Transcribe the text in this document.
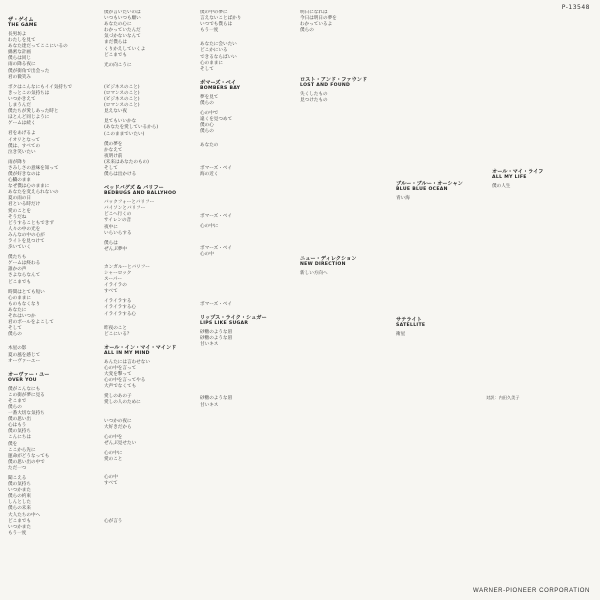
P-13548
ザ・ゲイム
THE GAME
長男坊よ
わたしを見て
あなた達だってここにいるの
綿密な計画
僕らは同じ
雨の降る夜に
僕が街角で出会った
君の微笑み
ボクはこんなにもイイ気持ちで
きっとこの気持ちは
いつかきえて
しまうんだ
僕たちが愛しあった時と
ほとんど同じように
ゲームは続く
君をあげるよ
イオリとなって
僕は、すべての
泣き笑いたい
雨が降り
さみしさの意味を知って
僕が好きなのは
心臓のまま
なぜ僕は心のままに
あなたを変えられないの
夏の雨の日
君といる時だけ
愛のことを
そうだね
どうすることもできず
人々の中の光を
みんなの中の心が
ライトを見つけて
歩いていく
僕たちも
ゲームは終わる
誰かの声
さよならなんて
どこまでも
時間はとても短い
心のままに
ものもなくなり
あなたに
それはいつか
君のボールをよこして
そして
僕らの
木星の影
夏の風を感じて
オーヴァーユー
オーヴァー・ユー
OVER YOU
僕がこんなにも
この街が夢に見る
そこまで
僕らの
一番大切な気持ち
僕の思い出
心はもう
僕の気持ち
こんにちは
僕を
ここから先に
運命がどうなっても
僕の思い出の中で
ただ一つ
聞こえる
僕の気持ち
いつかまた
僕らの約束
しんとした
僕らの未来
大人たちの中へ
どこまでも
いつかまた
もう一度
僕が言いたいのは
いつもいつも願い
あなたの心に
わかっていたんだ
気づかないなんて
まだ僕らは
くりかえしていくよ
どこまでも
光の向こうに
(ビジネスのこと)
(ロマンスのこと)
(ビジネスのこと)
(ロマンスのこと)
見えない夜
見てもいいかな
(あなたを愛しているから)
(このままでいたい)
僕の夢を
かなえて
夜明け前
(未来はあなたのもの)
そして
僕らは出かける
ベッドバグズ & バリフー
BEDBUGS AND BALLYHOO
バックフォーとバリフー
バイソンとバリフー
どこへ行くの
サイレンの音
夜中に
いらいらする
僕らは
ぜんぶ夢中
カンガルーとバリフー
シャーロック
スーパー
イライラの
すべて
イライラする
イライラする心
イライラする心
昨夜のこと
どこにいる？
オール・イン・マイ・マインド
ALL IN MY MIND
あんたには言わせない
心の中を言って
大変を撃って
心の中を言ってやる
大声でなくても
愛しのあの子
愛しの人のために
いつかの夜に
大好きだから
心の中を
ぜんぶ見せたい
心の中に
愛のこと
心の中
すべて
心が言う
僕の中の夢に
言えないことばかり
いつでも僕らは
もう一度
あなたに会いたい
どこかにいる
できるならばいい
心のままに
そして
ボマーズ・ベイ
BOMBERS BAY
夢を見て
僕らの
心の中で
遠くを見つめて
僕の心
僕らの
あなたの
ボマーズ・ベイ
海の近く
ボマーズ・ベイ
心の中に
ボマーズ・ベイ
心の中
ボマーズ・ベイ
リップス・ライク・シュガー
LIPS LIKE SUGAR
砂糖のような唇
砂糖のような唇
甘いキス
砂糖のような唇
甘いキス
明日になれば
今日は明日の夢を
わかっているよ
僕らの
ロスト・アンド・ファウンド
LOST AND FOUND
失くしたもの
見つけたもの
ニュー・ディレクション
NEW DIRECTION
新しい方向へ
ブルー・ブルー・オーシャン
BLUE BLUE OCEAN
青い海
サテライト
SATELLITE
衛星
オール・マイ・ライフ
ALL MY LIFE
僕の人生
対訳：内田久美子
WARNER-PIONEER CORPORATION
